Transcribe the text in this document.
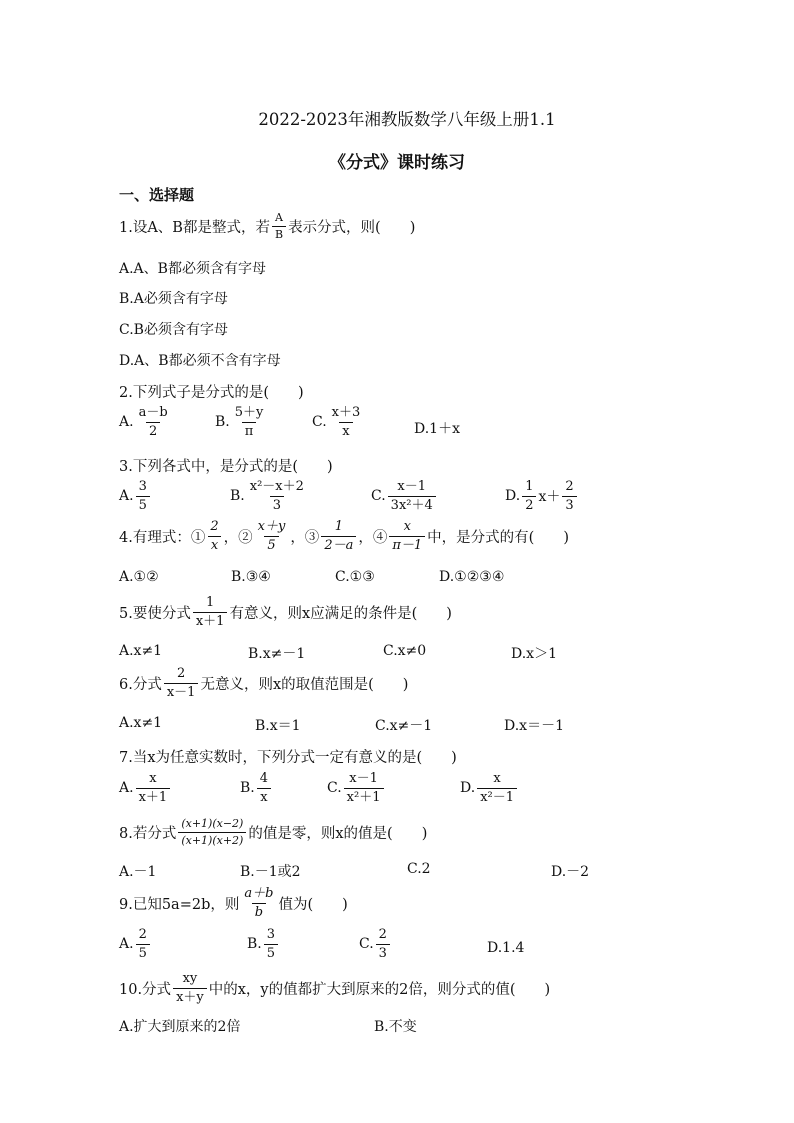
2022-2023年湘教版数学八年级上册1.1
《分式》课时练习
一、选择题
1.设A、B都是整式，若 $\frac{A}{B}$ 表示分式，则(　　)
A.A、B都必须含有字母
B.A必须含有字母
C.B必须含有字母
D.A、B都必须不含有字母
2.下列式子是分式的是(　　)
A. $\frac{a-b}{2}$	B. $\frac{5+y}{\pi}$	C. $\frac{x+3}{x}$	D.1＋x
3.下列各式中，是分式的是(　　)
A. $\frac{3}{5}$	B. $\frac{\text{x²－x＋2}}{3}$	C. $\frac{x-1}{\text{3x²＋4}}$	D. $\frac{1}{2} x+ \frac{2}{3}$
4.有理式：① $\frac{2}{x}$ ，② $\frac{x+y}{5}$ ，③ $\frac{1}{2-a}$ ，④ $\frac{x}{\pi-1}$ 中，是分式的有(　　)
A.①②	B.③④	C.①③	D.①②③④
5.要使分式 $\frac{1}{x+1}$ 有意义，则x应满足的条件是(　　)
A.x≠1	B.x≠－1	C.x≠0	D.x＞1
6.分式 $\frac{2}{x-1}$ 无意义，则x的取值范围是(　　)
A.x≠1	B.x＝1	C.x≠－1	D.x＝－1
7.当x为任意实数时，下列分式一定有意义的是(　　)
A. $\frac{x}{x+1}$	B. $\frac{4}{x}$	C. $\frac{x-1}{\text{x²＋1}}$	D. $\frac{x}{\text{x²－1}}$
8.若分式 $\frac{(x+1)(x-2)}{(x+1)(x+2)}$ 的值是零，则x的值是(　　)
A.－1	B.－1或2	C.2	D.－2
9.已知5a=2b，则 $\frac{a+b}{b}$ 值为(　　)
A. $\frac{2}{5}$	B. $\frac{3}{5}$	C. $\frac{2}{3}$	D.1.4
10.分式 $\frac{xy}{x+y}$ 中的x，y的值都扩大到原来的2倍，则分式的值(　　)
A.扩大到原来的2倍	B.不变
